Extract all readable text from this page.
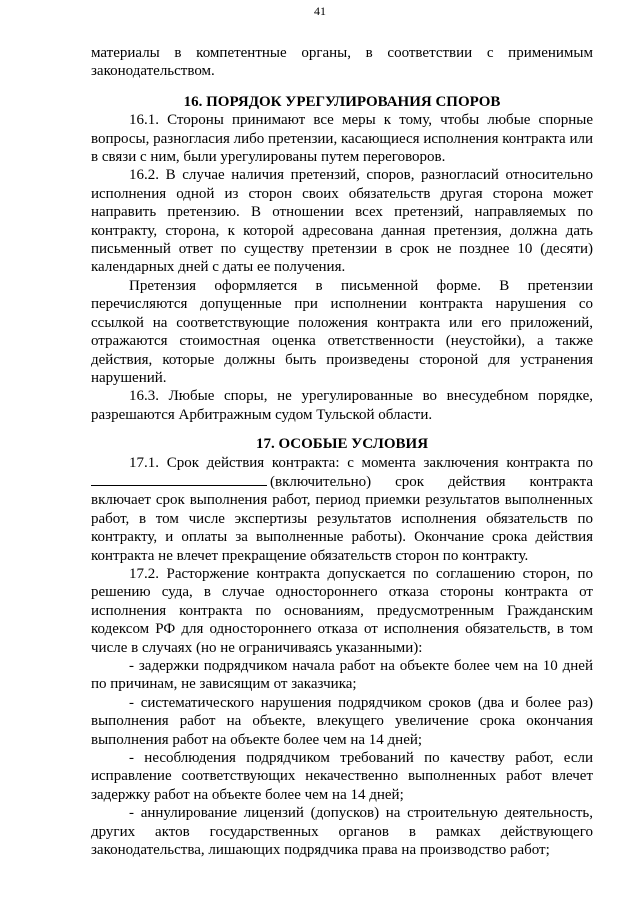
41

материалы в компетентные органы, в соответствии с применимым законодательством.

16. ПОРЯДОК УРЕГУЛИРОВАНИЯ СПОРОВ

16.1. Стороны принимают все меры к тому, чтобы любые спорные вопросы, разногласия либо претензии, касающиеся исполнения контракта или в связи с ним, были урегулированы путем переговоров.

16.2. В случае наличия претензий, споров, разногласий относительно исполнения одной из сторон своих обязательств другая сторона может направить претензию. В отношении всех претензий, направляемых по контракту, сторона, к которой адресована данная претензия, должна дать письменный ответ по существу претензии в срок не позднее 10 (десяти) календарных дней с даты ее получения.

Претензия оформляется в письменной форме. В претензии перечисляются допущенные при исполнении контракта нарушения со ссылкой на соответствующие положения контракта или его приложений, отражаются стоимостная оценка ответственности (неустойки), а также действия, которые должны быть произведены стороной для устранения нарушений.

16.3. Любые споры, не урегулированные во внесудебном порядке, разрешаются Арбитражным судом Тульской области.

17. ОСОБЫЕ УСЛОВИЯ

17.1. Срок действия контракта: с момента заключения контракта по (включительно) срок действия контракта включает срок выполнения работ, период приемки результатов выполненных работ, в том числе экспертизы результатов исполнения обязательств по контракту, и оплаты за выполненные работы). Окончание срока действия контракта не влечет прекращение обязательств сторон по контракту.

17.2. Расторжение контракта допускается по соглашению сторон, по решению суда, в случае одностороннего отказа стороны контракта от исполнения контракта по основаниям, предусмотренным Гражданским кодексом РФ для одностороннего отказа от исполнения обязательств, в том числе в случаях (но не ограничиваясь указанными):

- задержки подрядчиком начала работ на объекте более чем на 10 дней по причинам, не зависящим от заказчика;

- систематического нарушения подрядчиком сроков (два и более раз) выполнения работ на объекте, влекущего увеличение срока окончания выполнения работ на объекте более чем на 14 дней;

- несоблюдения подрядчиком требований по качеству работ, если исправление соответствующих некачественно выполненных работ влечет задержку работ на объекте более чем на 14 дней;

- аннулирование лицензий (допусков) на строительную деятельность, других актов государственных органов в рамках действующего законодательства, лишающих подрядчика права на производство работ;
